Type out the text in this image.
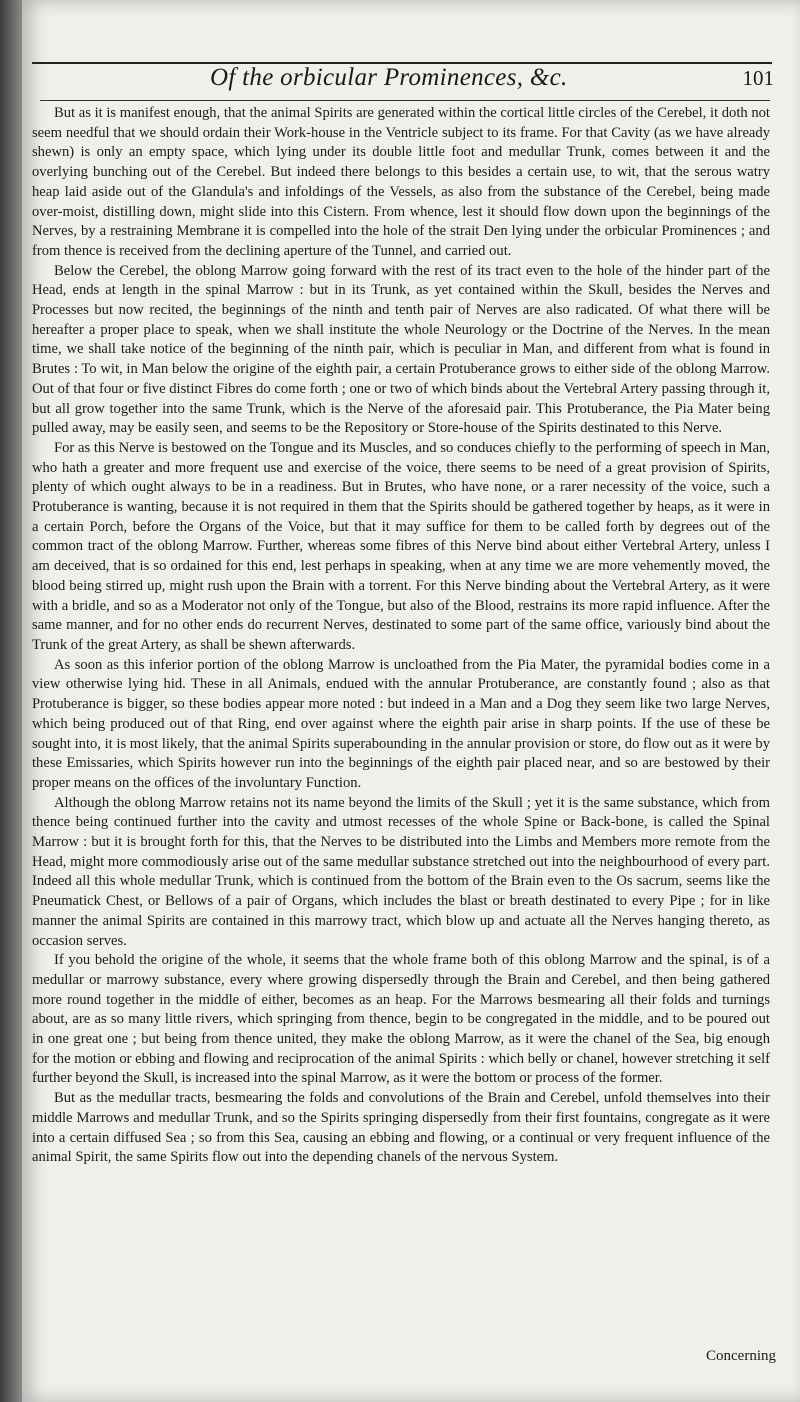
Of the orbicular Prominences, &c.	101

But as it is manifest enough, that the animal Spirits are generated within the cortical little circles of the Cerebel, it doth not seem needful that we should ordain their Work-house in the Ventricle subject to its frame. For that Cavity (as we have already shewn) is only an empty space, which lying under its double little foot and medullar Trunk, comes between it and the overlying bunching out of the Cerebel. But indeed there belongs to this besides a certain use, to wit, that the serous watry heap laid aside out of the Glandula's and infoldings of the Vessels, as also from the substance of the Cerebel, being made over-moist, distilling down, might slide into this Cistern. From whence, lest it should flow down upon the beginnings of the Nerves, by a restraining Membrane it is compelled into the hole of the strait Den lying under the orbicular Prominences ; and from thence is received from the declining aperture of the Tunnel, and carried out.

Below the Cerebel, the oblong Marrow going forward with the rest of its tract even to the hole of the hinder part of the Head, ends at length in the spinal Marrow : but in its Trunk, as yet contained within the Skull, besides the Nerves and Processes but now recited, the beginnings of the ninth and tenth pair of Nerves are also radicated. Of what there will be hereafter a proper place to speak, when we shall institute the whole Neurology or the Doctrine of the Nerves. In the mean time, we shall take notice of the beginning of the ninth pair, which is peculiar in Man, and different from what is found in Brutes : To wit, in Man below the origine of the eighth pair, a certain Protuberance grows to either side of the oblong Marrow. Out of that four or five distinct Fibres do come forth ; one or two of which binds about the Vertebral Artery passing through it, but all grow together into the same Trunk, which is the Nerve of the aforesaid pair. This Protuberance, the Pia Mater being pulled away, may be easily seen, and seems to be the Repository or Store-house of the Spirits destinated to this Nerve.

For as this Nerve is bestowed on the Tongue and its Muscles, and so conduces chiefly to the performing of speech in Man, who hath a greater and more frequent use and exercise of the voice, there seems to be need of a great provision of Spirits, plenty of which ought always to be in a readiness. But in Brutes, who have none, or a rarer necessity of the voice, such a Protuberance is wanting, because it is not required in them that the Spirits should be gathered together by heaps, as it were in a certain Porch, before the Organs of the Voice, but that it may suffice for them to be called forth by degrees out of the common tract of the oblong Marrow. Further, whereas some fibres of this Nerve bind about either Vertebral Artery, unless I am deceived, that is so ordained for this end, lest perhaps in speaking, when at any time we are more vehemently moved, the blood being stirred up, might rush upon the Brain with a torrent. For this Nerve binding about the Vertebral Artery, as it were with a bridle, and so as a Moderator not only of the Tongue, but also of the Blood, restrains its more rapid influence. After the same manner, and for no other ends do recurrent Nerves, destinated to some part of the same office, variously bind about the Trunk of the great Artery, as shall be shewn afterwards.

As soon as this inferior portion of the oblong Marrow is uncloathed from the Pia Mater, the pyramidal bodies come in a view otherwise lying hid. These in all Animals, endued with the annular Protuberance, are constantly found ; also as that Protuberance is bigger, so these bodies appear more noted : but indeed in a Man and a Dog they seem like two large Nerves, which being produced out of that Ring, end over against where the eighth pair arise in sharp points. If the use of these be sought into, it is most likely, that the animal Spirits superabounding in the annular provision or store, do flow out as it were by these Emissaries, which Spirits however run into the beginnings of the eighth pair placed near, and so are bestowed by their proper means on the offices of the involuntary Function.

Although the oblong Marrow retains not its name beyond the limits of the Skull ; yet it is the same substance, which from thence being continued further into the cavity and utmost recesses of the whole Spine or Back-bone, is called the Spinal Marrow : but it is brought forth for this, that the Nerves to be distributed into the Limbs and Members more remote from the Head, might more commodiously arise out of the same medullar substance stretched out into the neighbourhood of every part. Indeed all this whole medullar Trunk, which is continued from the bottom of the Brain even to the Os sacrum, seems like the Pneumatick Chest, or Bellows of a pair of Organs, which includes the blast or breath destinated to every Pipe ; for in like manner the animal Spirits are contained in this marrowy tract, which blow up and actuate all the Nerves hanging thereto, as occasion serves.

If you behold the origine of the whole, it seems that the whole frame both of this oblong Marrow and the spinal, is of a medullar or marrowy substance, every where growing dispersedly through the Brain and Cerebel, and then being gathered more round together in the middle of either, becomes as an heap. For the Marrows besmearing all their folds and turnings about, are as so many little rivers, which springing from thence, begin to be congregated in the middle, and to be poured out in one great one ; but being from thence united, they make the oblong Marrow, as it were the chanel of the Sea, big enough for the motion or ebbing and flowing and reciprocation of the animal Spirits : which belly or chanel, however stretching it self further beyond the Skull, is increased into the spinal Marrow, as it were the bottom or process of the former.

But as the medullar tracts, besmearing the folds and convolutions of the Brain and Cerebel, unfold themselves into their middle Marrows and medullar Trunk, and so the Spirits springing dispersedly from their first fountains, congregate as it were into a certain diffused Sea ; so from this Sea, causing an ebbing and flowing, or a continual or very frequent influence of the animal Spirit, the same Spirits flow out into the depending chanels of the nervous System.

Concerning
